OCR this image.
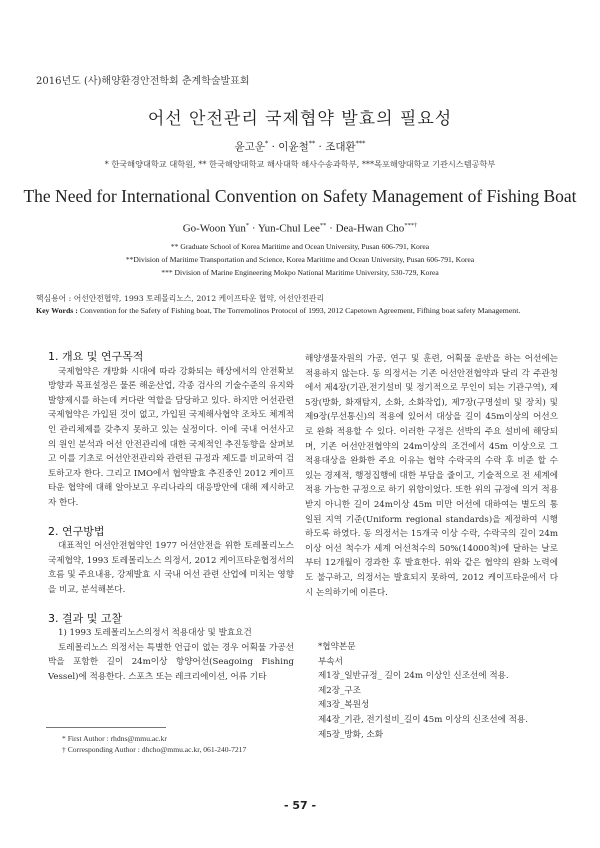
2016년도 (사)해양환경안전학회 춘계학술발표회
어선 안전관리 국제협약 발효의 필요성
윤고운* · 이윤철** · 조대환***
* 한국해양대학교 대학원, ** 한국해양대학교 해사대학 해사수송과학부, ***목포해양대학교 기관시스템공학부
The Need for International Convention on Safety Management of Fishing Boat
Go-Woon Yun* · Yun-Chul Lee** · Dea-Hwan Cho***†
** Graduate School of Korea Maritime and Ocean University, Pusan 606-791, Korea
**Division of Maritime Transportation and Science, Korea Maritime and Ocean University, Pusan 606-791, Korea
*** Division of Marine Engineering Mokpo National Maritime University, 530-729, Korea
핵심용어 : 어선안전협약, 1993 토레몰리노스, 2012 케이프타운 협약, 어선안전관리
Key Words : Convention for the Safety of Fishing boat, The Torremolinos Protocol of 1993, 2012 Capetown Agreement, Fifhing boat safety Management.
1. 개요 및 연구목적

국제협약은 개방화 시대에 따라 강화되는 해상에서의 안전확보 방향과 목표설정은 물론 해운산업, 각종 검사의 기술수준의 유지와 발향제시를 하는데 커다란 역할을 담당하고 있다. 하지만 어선관련 국제협약은 가입된 것이 없고, 가입된 국제해사협약 조차도 체계적인 관리체제를 갖추지 못하고 있는 실정이다. 이에 국내 어선사고의 원인 분석과 어선 안전관리에 대한 국제적인 추진동향을 살펴보고 이를 기초로 어선안전관리와 관련된 규정과 제도를 비교하여 검토하고자 한다. 그리고 IMO에서 협약발효 추진중인 2012 케이프타운 협약에 대해 알아보고 우리나라의 대응방안에 대해 제시하고자 한다.

2. 연구방법

대표적인 어선안전협약인 1977 어선안전을 위한 토레몰리노스 국제협약, 1993 토레몰리노스 의정서, 2012 케이프타운협정서의 흐름 및 주요내용, 강제발효 시 국내 어선 관련 산업에 미치는 영향을 비교, 분석해본다.

3. 결과 및 고찰

1) 1993 토레몰리노스의정서 적용대상 및 발효요건

토레몰리노스 의정서는 특별한 언급이 없는 경우 어획물 가공선박을 포함한 길이 24m이상 항양어선(Seagoing Fishing Vessel)에 적용한다. 스포츠 또는 레크리에이션, 어류 기타

해양생물자원의 가공, 연구 및 훈련, 어획물 운반을 하는 어선에는 적용하지 않는다. 동 의정서는 기존 어선안전협약과 달리 각 주관청에서 제4장(기관,전기설비 및 정기적으로 무인이 되는 기관구역), 제5장(방화, 화재탐지, 소화, 소화작업), 제7장(구명설비 및 장치) 및 제9장(무선통신)의 적용에 있어서 대상을 길이 45m이상의 어선으로 완화 적용할 수 있다. 이러한 구정은 선박의 주요 설비에 해당되며, 기존 어선안전협약의 24m이상의 조건에서 45m 이상으로 그 적용대상을 완화한 주요 이유는 협약 수락국의 수락 후 비준 할 수 있는 경제적, 행정집행에 대한 부담을 줄이고, 기술적으로 전 세계에 적용 가능한 규정으로 하기 위함이었다. 또한 위의 규정에 의거 적용받지 아니한 길이 24m이상 45m 미만 어선에 대하여는 별도의 통일된 지역 기준(Uniform regional standards)을 제정하여 시행하도록 하였다. 동 의정서는 15개국 이상 수락, 수락국의 길이 24m 이상 어선 척수가 세계 어선척수의 50%(14000척)에 달하는 날로부터 12개월이 경과한 후 발효한다. 위와 같은 협약의 완화 노력에도 불구하고, 의정서는 발효되지 못하여, 2012 케이프타운에서 다시 논의하기에 이른다.

*협약본문
부속서
제1장_일반규정_ 길이 24m 이상인 신조선에 적용.
제2장_구조
제3장_복원성
제4장_기관, 전기설비_길이 45m 이상의 신조선에 적용.
제5장_방화, 소화
* First Author : rhdns@mmu.ac.kr
† Corresponding Author : dhcho@mmu.ac.kr, 061-240-7217
- 57 -
